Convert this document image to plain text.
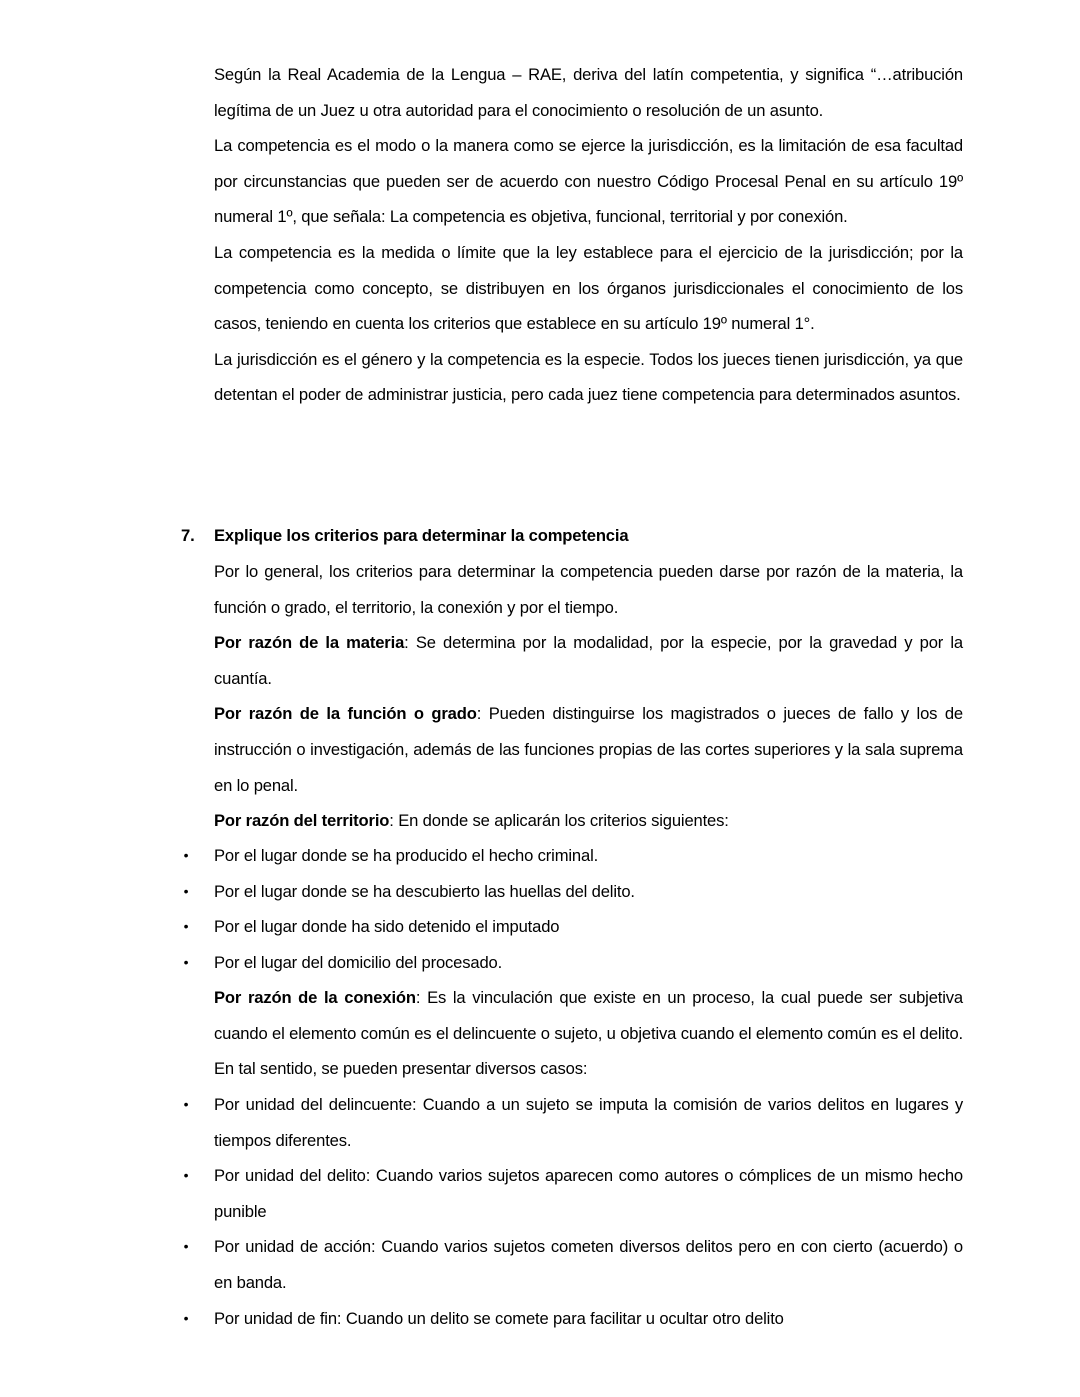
Según la Real Academia de la Lengua – RAE, deriva del latín competentia, y significa “…atribución legítima de un Juez u otra autoridad para el conocimiento o resolución de un asunto.

La competencia es el modo o la manera como se ejerce la jurisdicción, es la limitación de esa facultad por circunstancias que pueden ser de acuerdo con nuestro Código Procesal Penal en su artículo 19º numeral 1º, que señala: La competencia es objetiva, funcional, territorial y por conexión.

La competencia es la medida o límite que la ley establece para el ejercicio de la jurisdicción; por la competencia como concepto, se distribuyen en los órganos jurisdiccionales el conocimiento de los casos, teniendo en cuenta los criterios que establece en su artículo 19º numeral 1°.

La jurisdicción es el género y la competencia es la especie. Todos los jueces tienen jurisdicción, ya que detentan el poder de administrar justicia, pero cada juez tiene competencia para determinados asuntos.

7. Explique los criterios para determinar la competencia

Por lo general, los criterios para determinar la competencia pueden darse por razón de la materia, la función o grado, el territorio, la conexión y por el tiempo.

Por razón de la materia: Se determina por la modalidad, por la especie, por la gravedad y por la cuantía.

Por razón de la función o grado: Pueden distinguirse los magistrados o jueces de fallo y los de instrucción o investigación, además de las funciones propias de las cortes superiores y la sala suprema en lo penal.

Por razón del territorio: En donde se aplicarán los criterios siguientes:

• Por el lugar donde se ha producido el hecho criminal.
• Por el lugar donde se ha descubierto las huellas del delito.
• Por el lugar donde ha sido detenido el imputado
• Por el lugar del domicilio del procesado.

Por razón de la conexión: Es la vinculación que existe en un proceso, la cual puede ser subjetiva cuando el elemento común es el delincuente o sujeto, u objetiva cuando el elemento común es el delito. En tal sentido, se pueden presentar diversos casos:

• Por unidad del delincuente: Cuando a un sujeto se imputa la comisión de varios delitos en lugares y tiempos diferentes.
• Por unidad del delito: Cuando varios sujetos aparecen como autores o cómplices de un mismo hecho punible
• Por unidad de acción: Cuando varios sujetos cometen diversos delitos pero en con cierto (acuerdo) o en banda.
• Por unidad de fin: Cuando un delito se comete para facilitar u ocultar otro delito
